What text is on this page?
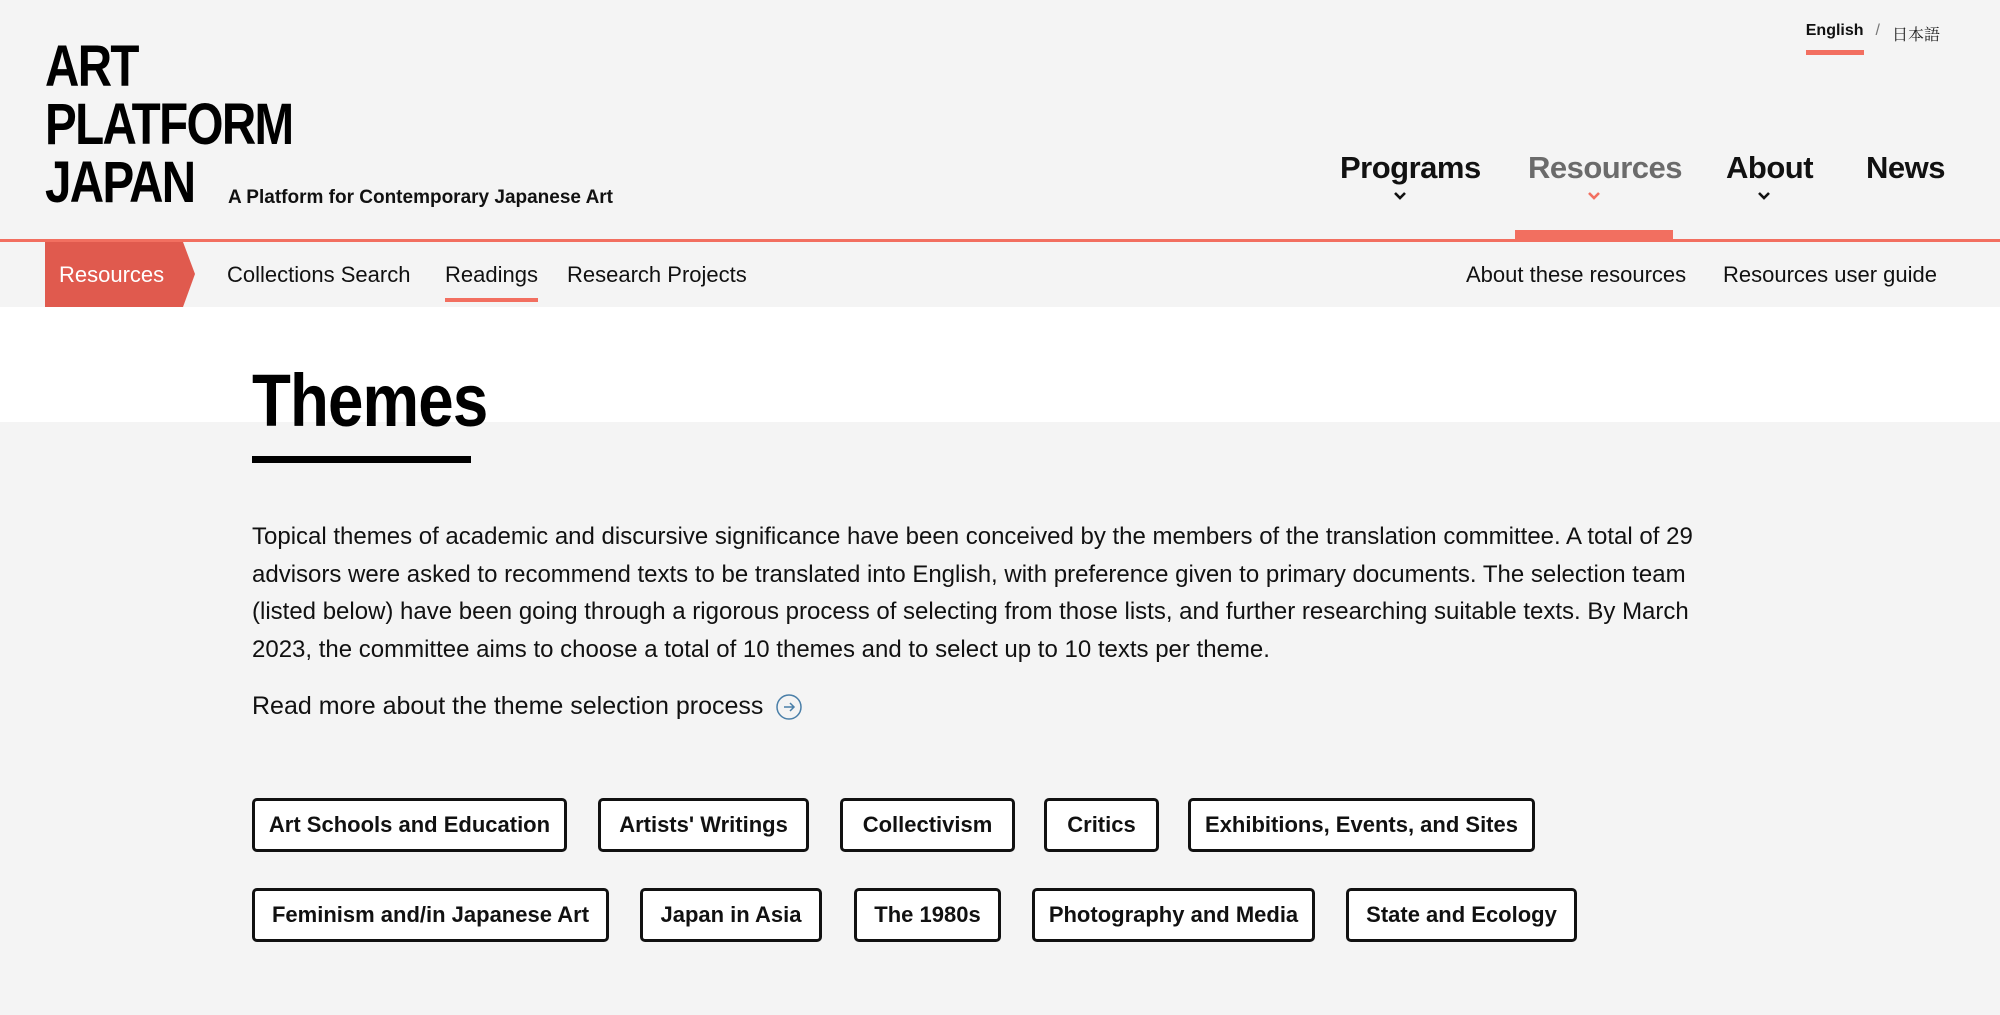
ART
PLATFORM
JAPAN	A Platform for Contemporary Japanese Art
English / 日本語
Programs Resources About News
Resources	Collections Search Readings Research Projects	About these resources Resources user guide
Themes

Topical themes of academic and discursive significance have been conceived by the members of the translation committee. A total of 29 advisors were asked to recommend texts to be translated into English, with preference given to primary documents. The selection team (listed below) have been going through a rigorous process of selecting from those lists, and further researching suitable texts. By March 2023, the committee aims to choose a total of 10 themes and to select up to 10 texts per theme.

Read more about the theme selection process
Art Schools and Education	Artists' Writings	Collectivism	Critics	Exhibitions, Events, and Sites
Feminism and/in Japanese Art	Japan in Asia	The 1980s	Photography and Media	State and Ecology
